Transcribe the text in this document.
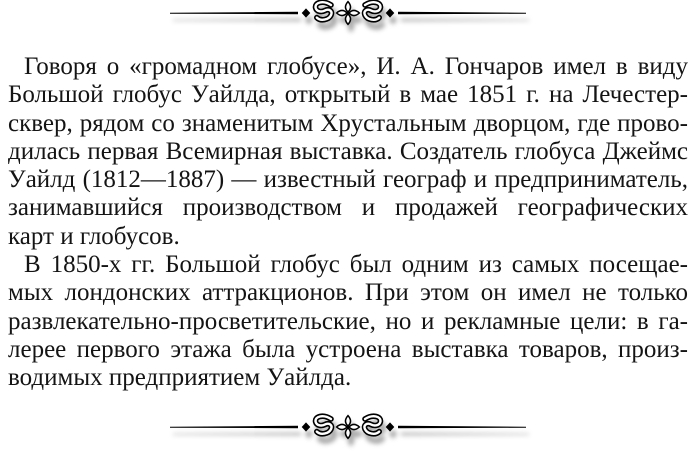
Говоря о «громадном глобусе», И. А. Гончаров имел в виду
Большой глобус Уайлда, открытый в мае 1851 г. на Лечестер-
сквер, рядом со знаменитым Хрустальным дворцом, где прово-
дилась первая Всемирная выставка. Создатель глобуса Джеймс
Уайлд (1812—1887) — известный географ и предприниматель,
занимавшийся производством и продажей географических
карт и глобусов.

В 1850-х гг. Большой глобус был одним из самых посещае-
мых лондонских аттракционов. При этом он имел не только
развлекательно-просветительские, но и рекламные цели: в га-
лерее первого этажа была устроена выставка товаров, произ-
водимых предприятием Уайлда.
